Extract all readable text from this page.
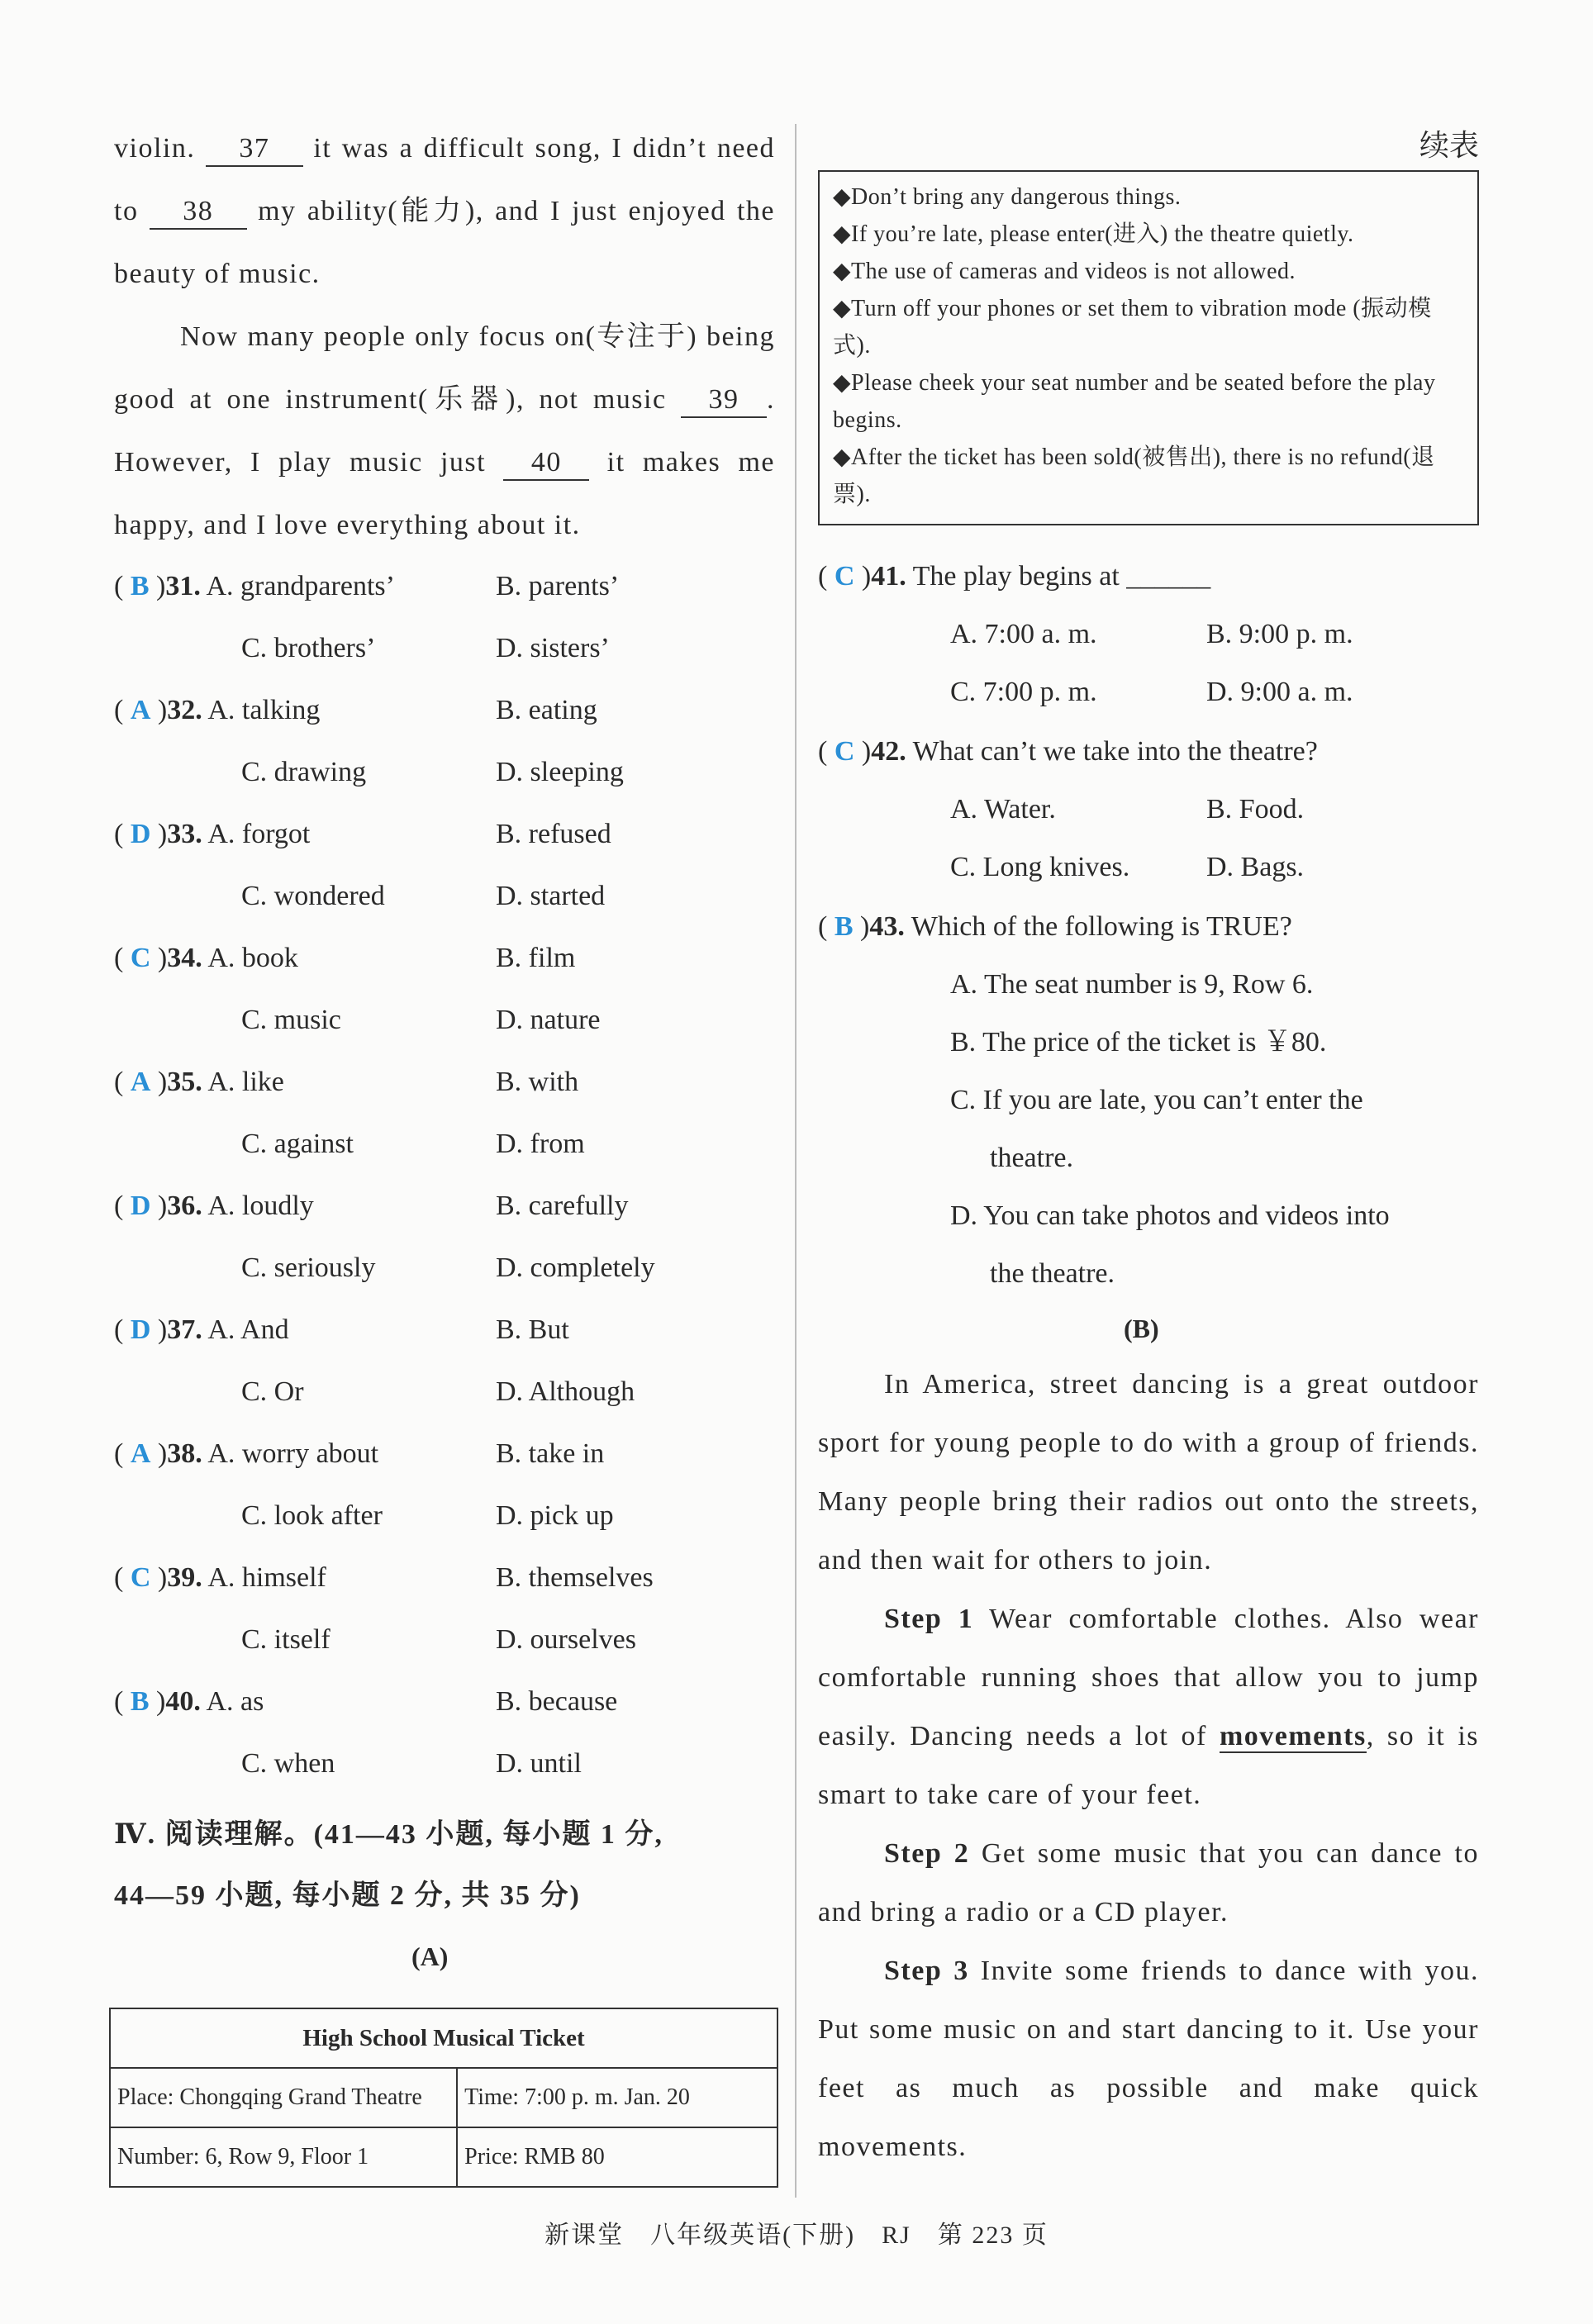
violin. 37 it was a difficult song, I didn’t need to 38 my ability(能力), and I just enjoyed the beauty of music.
Now many people only focus on(专注于) being good at one instrument(乐器), not music 39 . However, I play music just 40 it makes me happy, and I love everything about it.
( B )31. A. grandparents’	B. parents’
C. brothers’	D. sisters’
( A )32. A. talking	B. eating
C. drawing	D. sleeping
( D )33. A. forgot	B. refused
C. wondered	D. started
( C )34. A. book	B. film
C. music	D. nature
( A )35. A. like	B. with
C. against	D. from
( D )36. A. loudly	B. carefully
C. seriously	D. completely
( D )37. A. And	B. But
C. Or	D. Although
( A )38. A. worry about	B. take in
C. look after	D. pick up
( C )39. A. himself	B. themselves
C. itself	D. ourselves
( B )40. A. as	B. because
C. when	D. until
Ⅳ. 阅读理解。(41—43 小题, 每小题 1 分,
44—59 小题, 每小题 2 分, 共 35 分)
(A)
High School Musical Ticket	
Place: Chongqing Grand Theatre	Time: 7:00 p. m. Jan. 20
Number: 6, Row 9, Floor 1	Price: RMB 80
续表
◆Don’t bring any dangerous things.
◆If you’re late, please enter(进入) the theatre quietly.
◆The use of cameras and videos is not allowed.
◆Turn off your phones or set them to vibration mode (振动模式).
◆Please cheek your seat number and be seated before the play begins.
◆After the ticket has been sold(被售出), there is no refund(退票).
( C )41. The play begins at ______
A. 7:00 a. m.	B. 9:00 p. m.
C. 7:00 p. m.	D. 9:00 a. m.
( C )42. What can’t we take into the theatre?
A. Water.	B. Food.
C. Long knives.	D. Bags.
( B )43. Which of the following is TRUE?
A. The seat number is 9, Row 6.
B. The price of the ticket is ￥80.
C. If you are late, you can’t enter the
theatre.
D. You can take photos and videos into
the theatre.
(B)
In America, street dancing is a great outdoor sport for young people to do with a group of friends. Many people bring their radios out onto the streets, and then wait for others to join.
Step 1 Wear comfortable clothes. Also wear comfortable running shoes that allow you to jump easily. Dancing needs a lot of movements, so it is smart to take care of your feet.
Step 2 Get some music that you can dance to and bring a radio or a CD player.
Step 3 Invite some friends to dance with you. Put some music on and start dancing to it. Use your feet as much as possible and make quick movements.
新课堂　八年级英语(下册)　RJ　第 223 页
